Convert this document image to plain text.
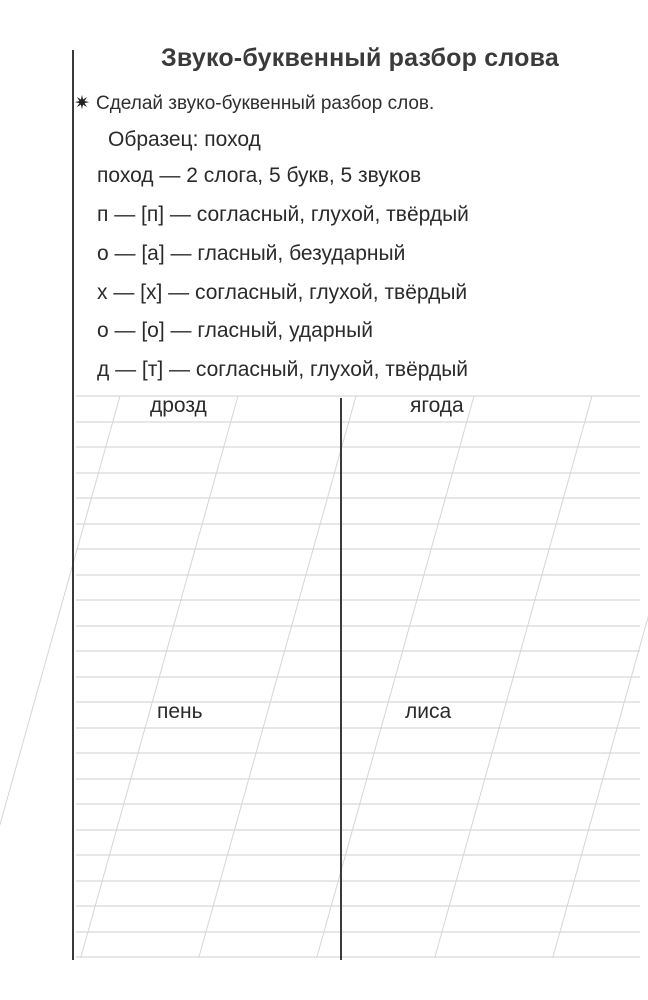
Звуко-буквенный разбор слова
✷ Сделай звуко-буквенный разбор слов.
Образец: поход
поход — 2 слога, 5 букв, 5 звуков
п — [п] — согласный, глухой, твёрдый
о — [а] — гласный, безударный
х — [х] — согласный, глухой, твёрдый
о — [о] — гласный, ударный
д — [т] — согласный, глухой, твёрдый
дрозд	ягода
пень	лиса
